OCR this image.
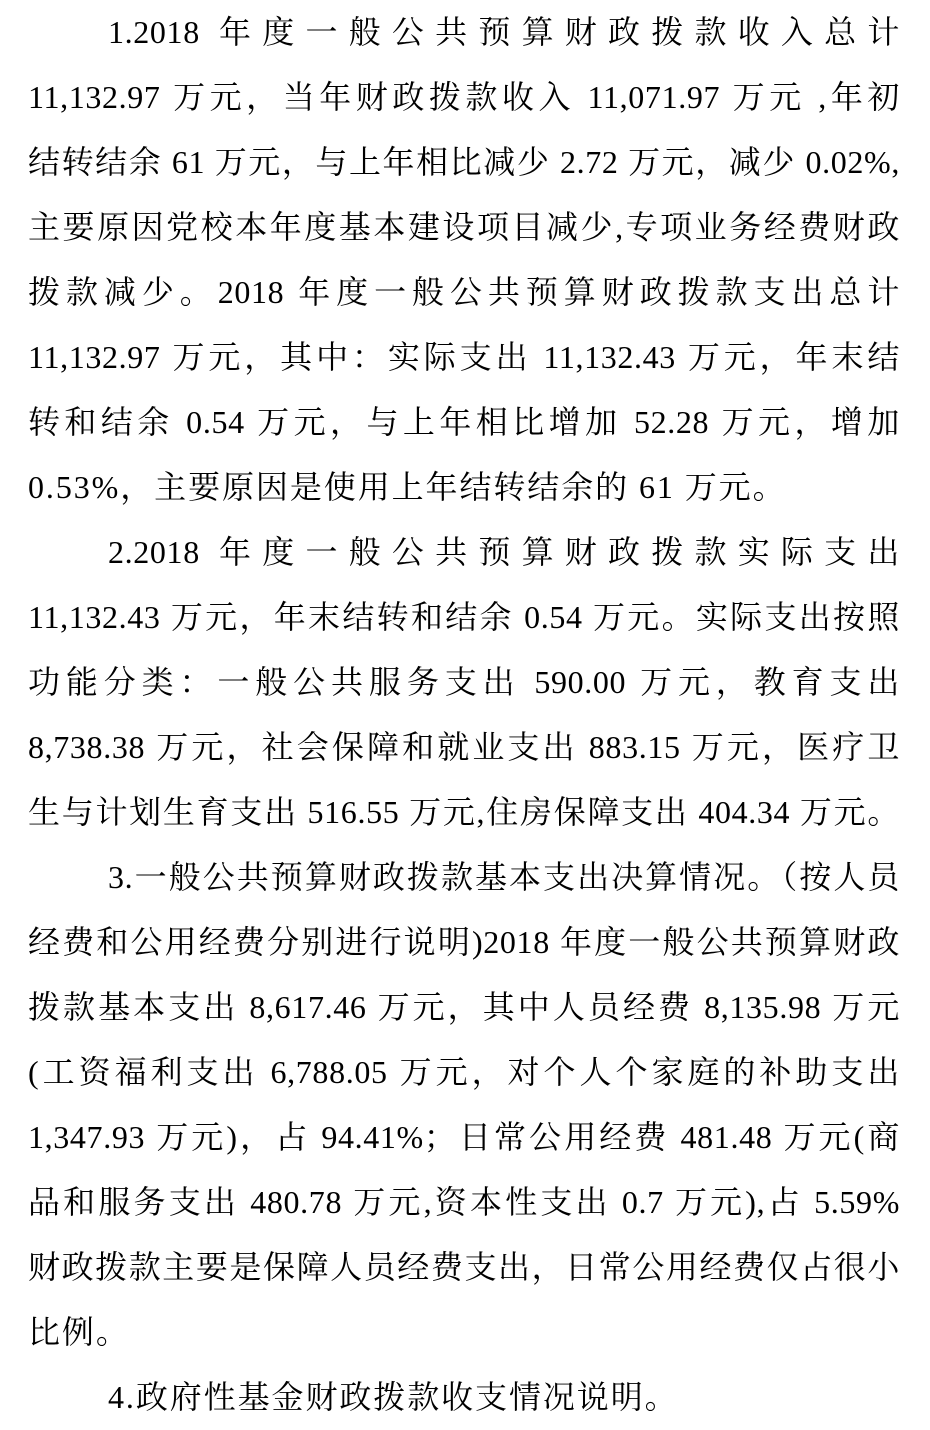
1.2018 年度一般公共预算财政拨款收入总计
11,132.97 万元，当年财政拨款收入 11,071.97 万元 ,年初
结转结余 61 万元，与上年相比减少 2.72 万元，减少 0.02%,
主要原因党校本年度基本建设项目减少,专项业务经费财政
拨款减少。2018 年度一般公共预算财政拨款支出总计
11,132.97 万元，其中：实际支出 11,132.43 万元，年末结
转和结余 0.54 万元，与上年相比增加 52.28 万元，增加
0.53%，主要原因是使用上年结转结余的 61 万元。
2.2018 年度一般公共预算财政拨款实际支出
11,132.43 万元，年末结转和结余 0.54 万元。实际支出按照
功能分类：一般公共服务支出 590.00 万元，教育支出
8,738.38 万元，社会保障和就业支出 883.15 万元，医疗卫
生与计划生育支出 516.55 万元,住房保障支出 404.34 万元。
3.一般公共预算财政拨款基本支出决算情况。（按人员
经费和公用经费分别进行说明)2018 年度一般公共预算财政
拨款基本支出 8,617.46 万元，其中人员经费 8,135.98 万元
(工资福利支出 6,788.05 万元，对个人个家庭的补助支出
1,347.93 万元)，占 94.41%；日常公用经费 481.48 万元(商
品和服务支出 480.78 万元,资本性支出 0.7 万元),占 5.59%
财政拨款主要是保障人员经费支出，日常公用经费仅占很小
比例。
4.政府性基金财政拨款收支情况说明。
